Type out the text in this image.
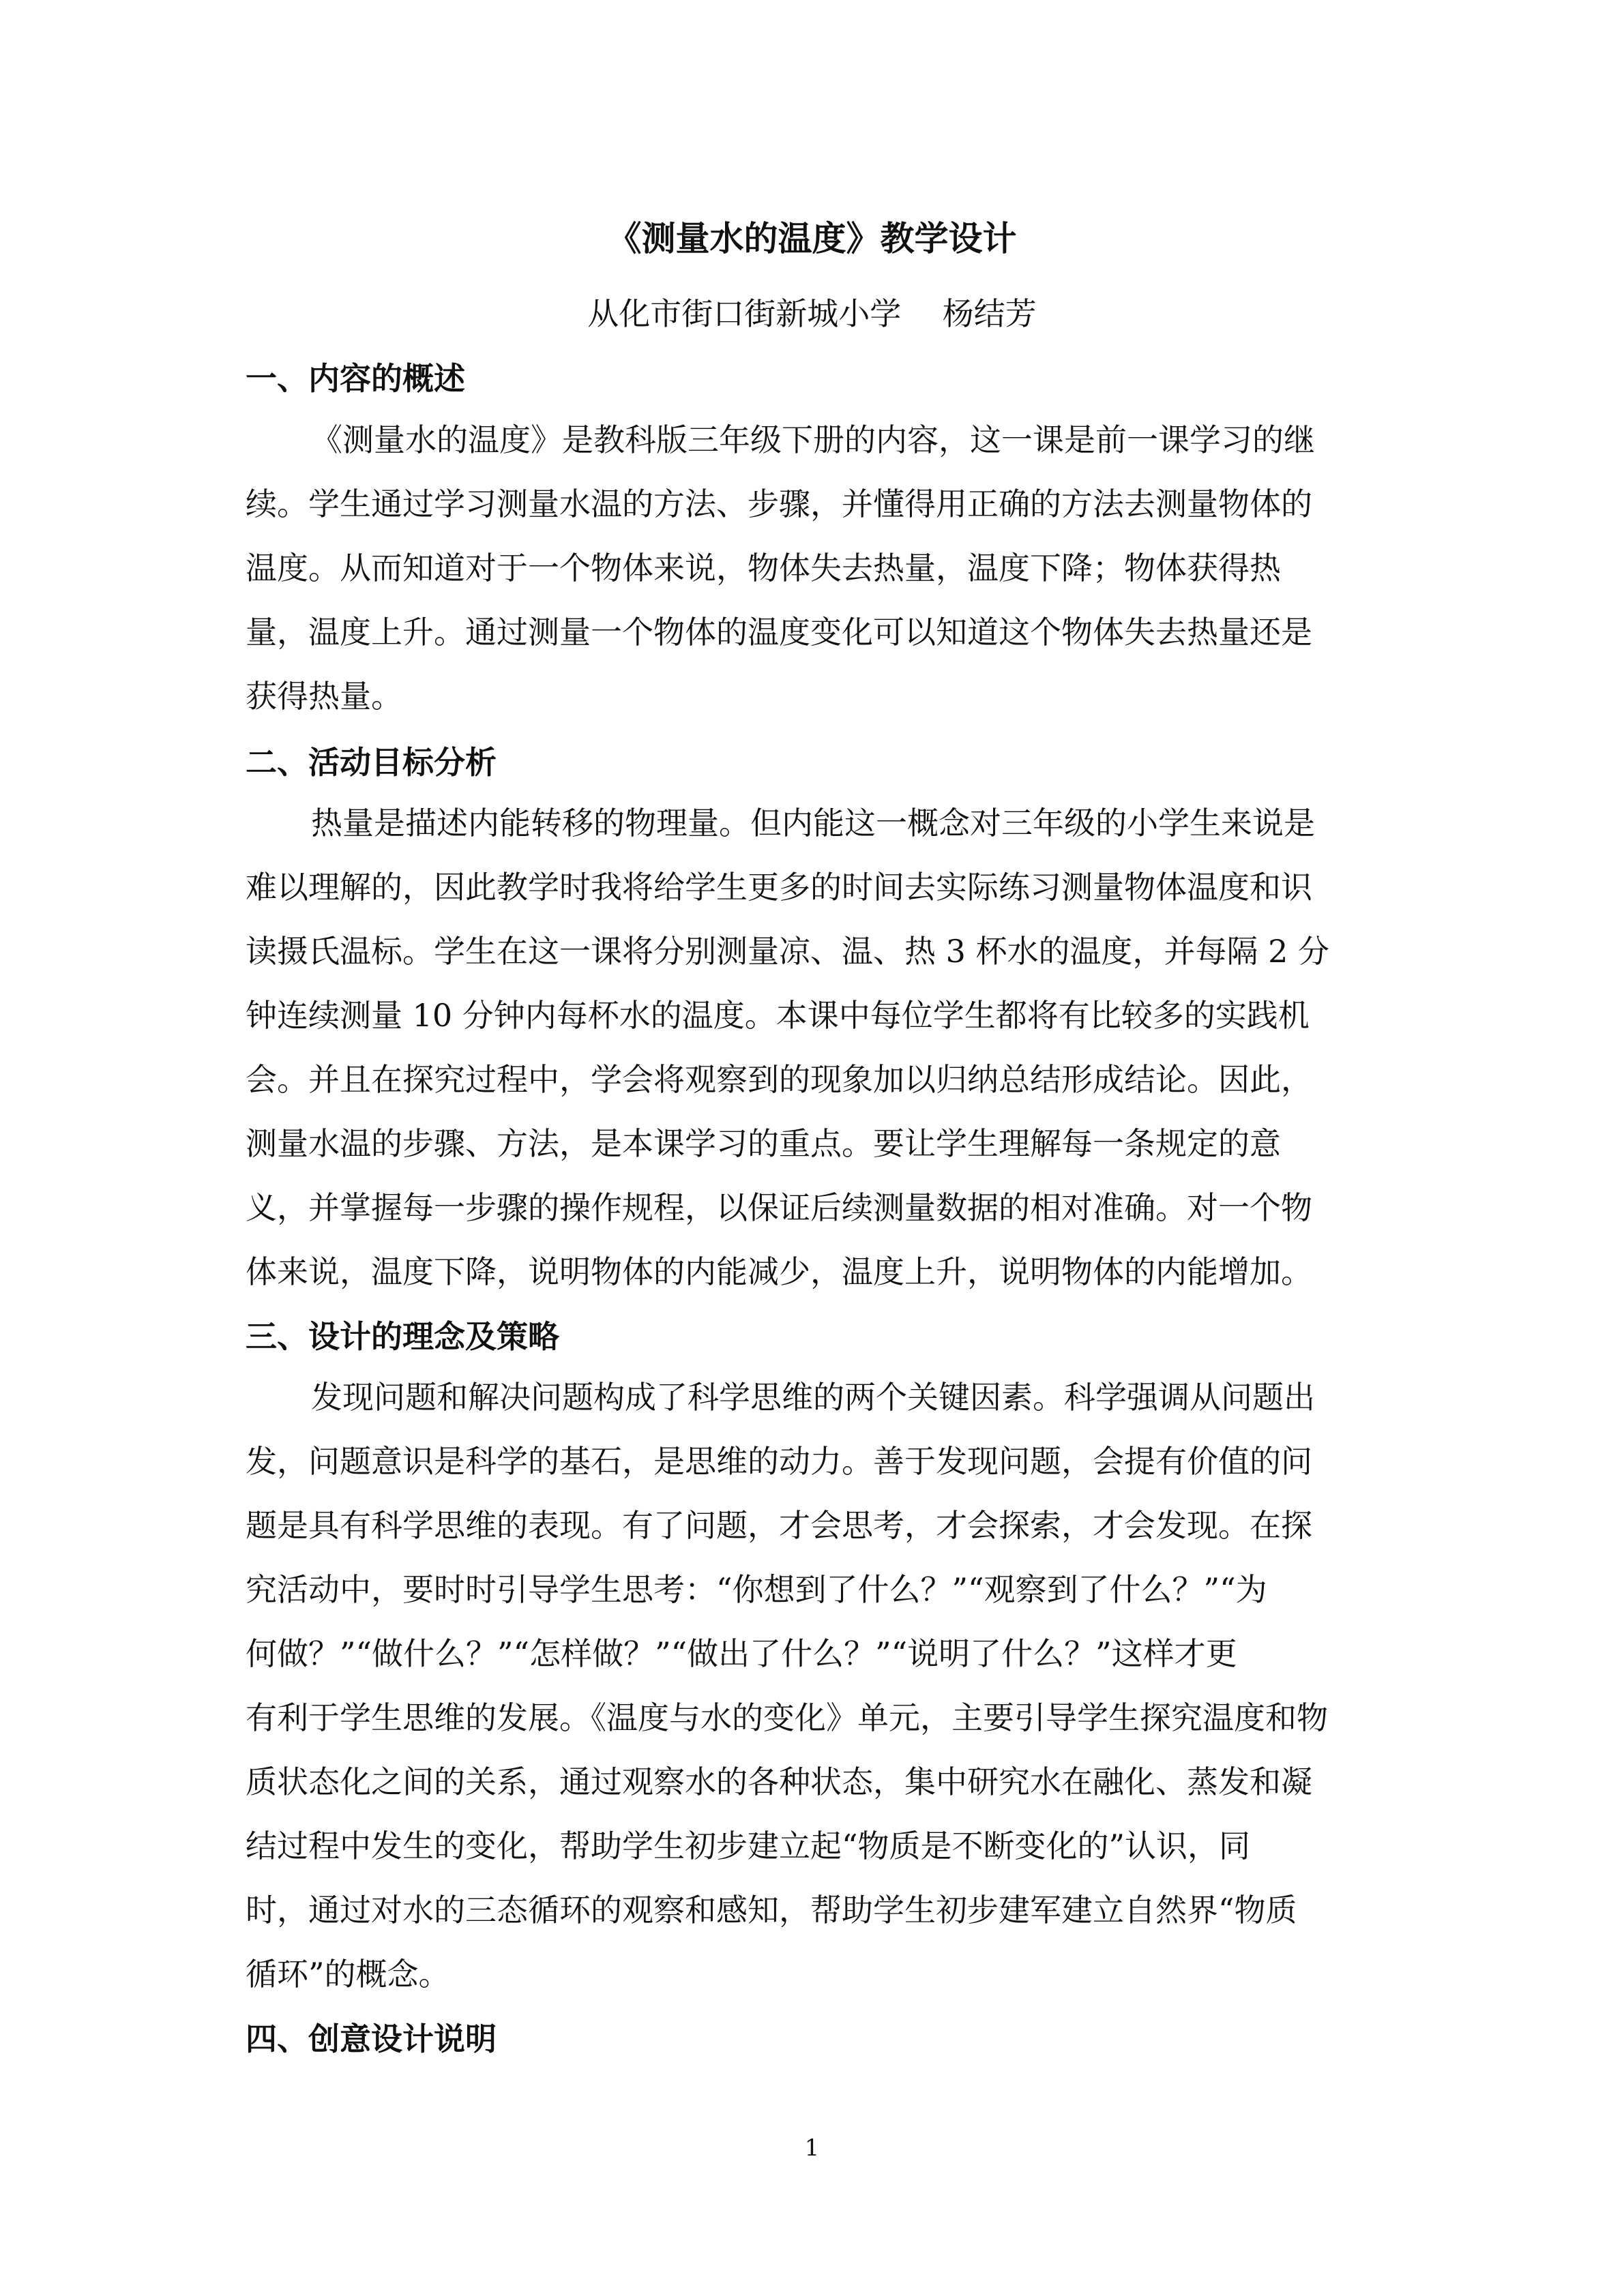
《测量水的温度》教学设计
从化市街口街新城小学　 杨结芳
一、内容的概述
《测量水的温度》是教科版三年级下册的内容，这一课是前一课学习的继
续。学生通过学习测量水温的方法、步骤，并懂得用正确的方法去测量物体的
温度。从而知道对于一个物体来说，物体失去热量，温度下降；物体获得热
量，温度上升。通过测量一个物体的温度变化可以知道这个物体失去热量还是
获得热量。
二、活动目标分析
热量是描述内能转移的物理量。但内能这一概念对三年级的小学生来说是
难以理解的，因此教学时我将给学生更多的时间去实际练习测量物体温度和识
读摄氏温标。学生在这一课将分别测量凉、温、热 3 杯水的温度，并每隔 2 分
钟连续测量 10 分钟内每杯水的温度。本课中每位学生都将有比较多的实践机
会。并且在探究过程中，学会将观察到的现象加以归纳总结形成结论。因此，
测量水温的步骤、方法，是本课学习的重点。要让学生理解每一条规定的意
义，并掌握每一步骤的操作规程，以保证后续测量数据的相对准确。对一个物
体来说，温度下降，说明物体的内能减少，温度上升，说明物体的内能增加。
三、设计的理念及策略
发现问题和解决问题构成了科学思维的两个关键因素。科学强调从问题出
发，问题意识是科学的基石，是思维的动力。善于发现问题，会提有价值的问
题是具有科学思维的表现。有了问题，才会思考，才会探索，才会发现。在探
究活动中，要时时引导学生思考：“你想到了什么？”“观察到了什么？”“为
何做？”“做什么？”“怎样做？”“做出了什么？”“说明了什么？”这样才更
有利于学生思维的发展。《温度与水的变化》单元，主要引导学生探究温度和物
质状态化之间的关系，通过观察水的各种状态，集中研究水在融化、蒸发和凝
结过程中发生的变化，帮助学生初步建立起“物质是不断变化的”认识，同
时，通过对水的三态循环的观察和感知，帮助学生初步建军建立自然界“物质
循环”的概念。
四、创意设计说明
1
